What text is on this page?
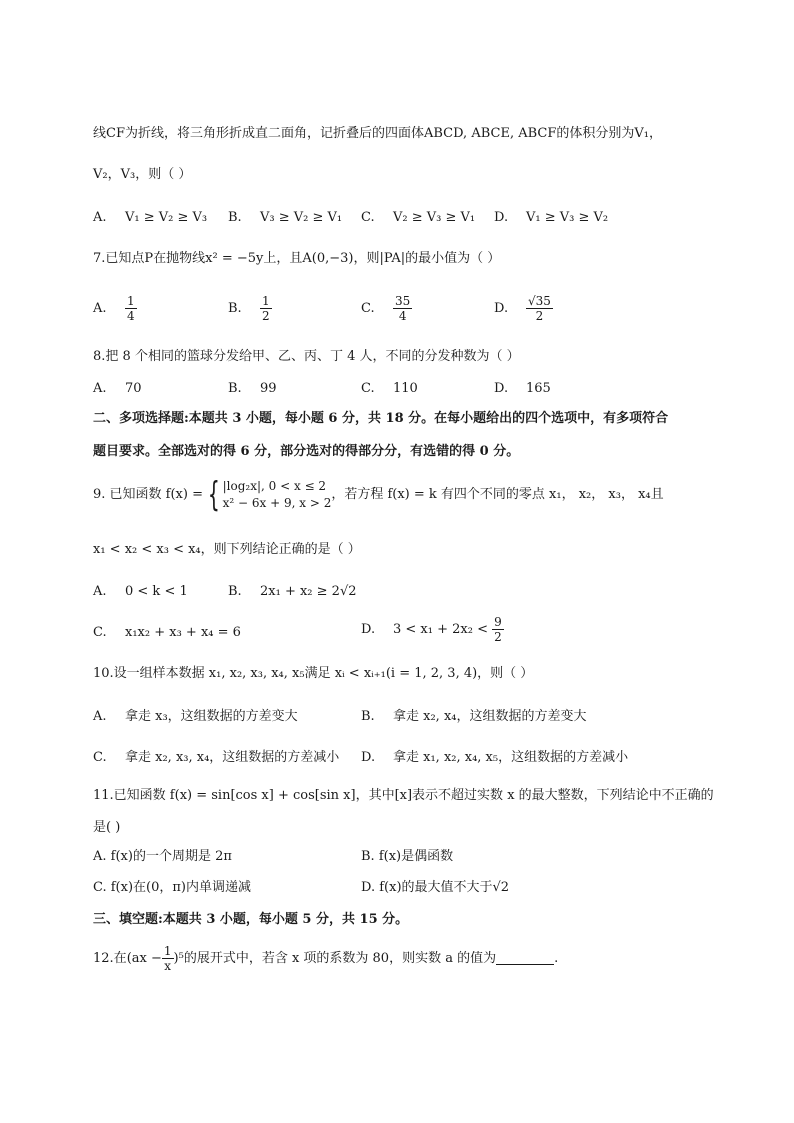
线CF为折线，将三角形折成直二面角，记折叠后的四面体ABCD, ABCE, ABCF的体积分别为V₁，
V₂，V₃，则（ ）
A. V₁ ≥ V₂ ≥ V₃ B. V₃ ≥ V₂ ≥ V₁ C. V₂ ≥ V₃ ≥ V₁ D. V₁ ≥ V₃ ≥ V₂
7.已知点P在抛物线x² = −5y上，且A(0,−3)，则|PA|的最小值为（ ）
A. $\frac{1}{4}$	B. $\frac{1}{2}$	C. $\frac{35}{4}$	D. $\frac{√35}{2}$
8.把 8 个相同的篮球分发给甲、乙、丙、丁 4 人，不同的分发种数为（ ）
A. 70	B. 99	C. 110	D. 165
二、多项选择题:本题共 3 小题，每小题 6 分，共 18 分。在每小题给出的四个选项中，有多项符合
题目要求。全部选对的得 6 分，部分选对的得部分分，有选错的得 0 分。
9. 已知函数 f(x) = { |log₂x|, 0 < x ≤ 2
x² − 6x + 9, x > 2
，若方程 f(x) = k 有四个不同的零点 x₁， x₂， x₃， x₄且
x₁ < x₂ < x₃ < x₄，则下列结论正确的是（ ）
A. 0 < k < 1	B. 2x₁ + x₂ ≥ 2√2
C. x₁x₂ + x₃ + x₄ = 6	D. $3 < x_1 + 2x_2 < \frac{9}{2}$
10.设一组样本数据 x₁, x₂, x₃, x₄, x₅满足 xᵢ < xᵢ₊₁(i = 1, 2, 3, 4)，则（ ）
A. 拿走 x₃，这组数据的方差变大	B. 拿走 x₂, x₄，这组数据的方差变大
C. 拿走 x₂, x₃, x₄，这组数据的方差减小 D. 拿走 x₁, x₂, x₄, x₅，这组数据的方差减小
11.已知函数 f(x) = sin[cos x] + cos[sin x]，其中[x]表示不超过实数 x 的最大整数，下列结论中不正确的
是( )
A. f(x)的一个周期是 2π	B. f(x)是偶函数
C. f(x)在(0，π)内单调递减	D. f(x)的最大值不大于√2
三、填空题:本题共 3 小题，每小题 5 分，共 15 分。
12.在 $(ax - \frac{1}{x} )^5$ 的展开式中，若含 x 项的系数为 80，则实数 a 的值为	.
